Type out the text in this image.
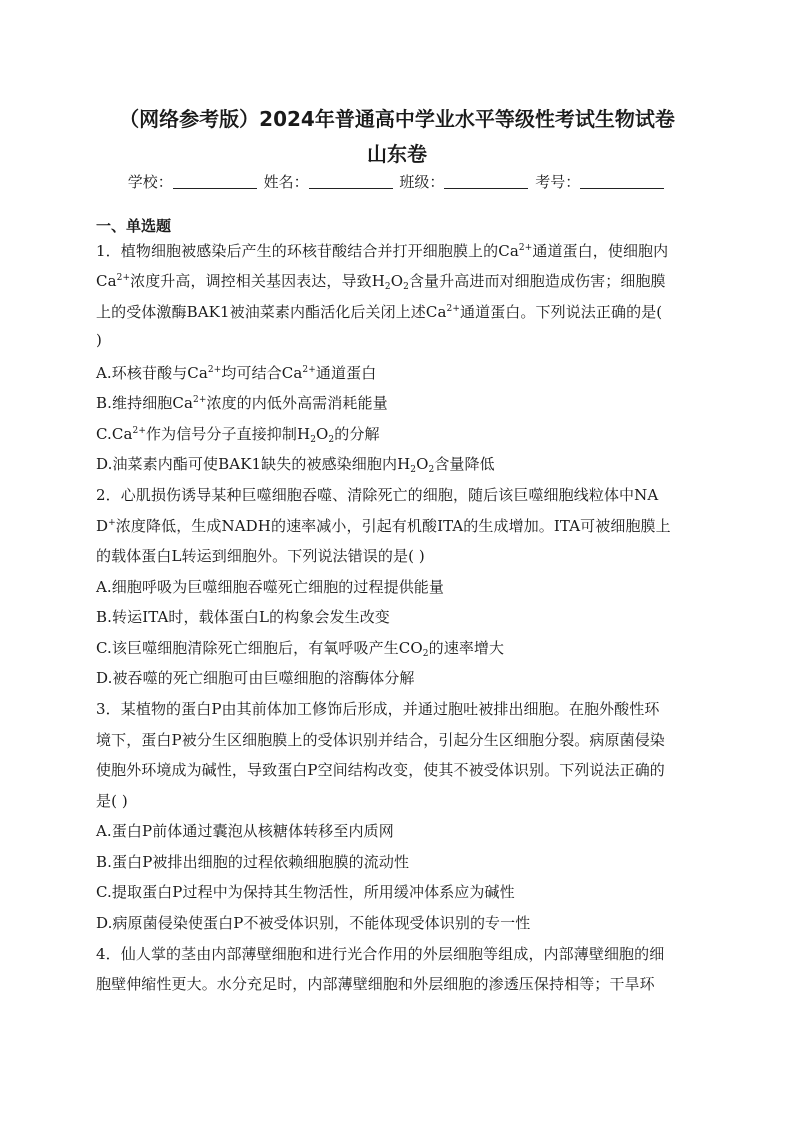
（网络参考版）2024年普通高中学业水平等级性考试生物试卷
山东卷
学校：	姓名：	班级：	考号：
一、单选题
1．植物细胞被感染后产生的环核苷酸结合并打开细胞膜上的$Ca^{2+}$通道蛋白，使细胞内
$Ca^{2+}$浓度升高，调控相关基因表达，导致$H_2O_2$含量升高进而对细胞造成伤害；细胞膜
上的受体激酶BAK1被油菜素内酯活化后关闭上述$Ca^{2+}$通道蛋白。下列说法正确的是(
)
A.环核苷酸与$Ca^{2+}$均可结合$Ca^{2+}$通道蛋白
B.维持细胞$Ca^{2+}$浓度的内低外高需消耗能量
$C.Ca^{2+}$作为信号分子直接抑制$H_2O_2$的分解
D.油菜素内酯可使BAK1缺失的被感染细胞内$H_2O_2$含量降低
2．心肌损伤诱导某种巨噬细胞吞噬、清除死亡的细胞，随后该巨噬细胞线粒体中NA
D+浓度降低，生成NADH的速率减小，引起有机酸ITA的生成增加。ITA可被细胞膜上
的载体蛋白L转运到细胞外。下列说法错误的是( )
A.细胞呼吸为巨噬细胞吞噬死亡细胞的过程提供能量
B.转运ITA时，载体蛋白L的构象会发生改变
C.该巨噬细胞清除死亡细胞后，有氧呼吸产生$CO_2$的速率增大
D.被吞噬的死亡细胞可由巨噬细胞的溶酶体分解
3．某植物的蛋白P由其前体加工修饰后形成，并通过胞吐被排出细胞。在胞外酸性环
境下，蛋白P被分生区细胞膜上的受体识别并结合，引起分生区细胞分裂。病原菌侵染
使胞外环境成为碱性，导致蛋白P空间结构改变，使其不被受体识别。下列说法正确的
是( )
A.蛋白P前体通过囊泡从核糖体转移至内质网
B.蛋白P被排出细胞的过程依赖细胞膜的流动性
C.提取蛋白P过程中为保持其生物活性，所用缓冲体系应为碱性
D.病原菌侵染使蛋白P不被受体识别，不能体现受体识别的专一性
4．仙人掌的茎由内部薄壁细胞和进行光合作用的外层细胞等组成，内部薄壁细胞的细
胞壁伸缩性更大。水分充足时，内部薄壁细胞和外层细胞的渗透压保持相等；干旱环
